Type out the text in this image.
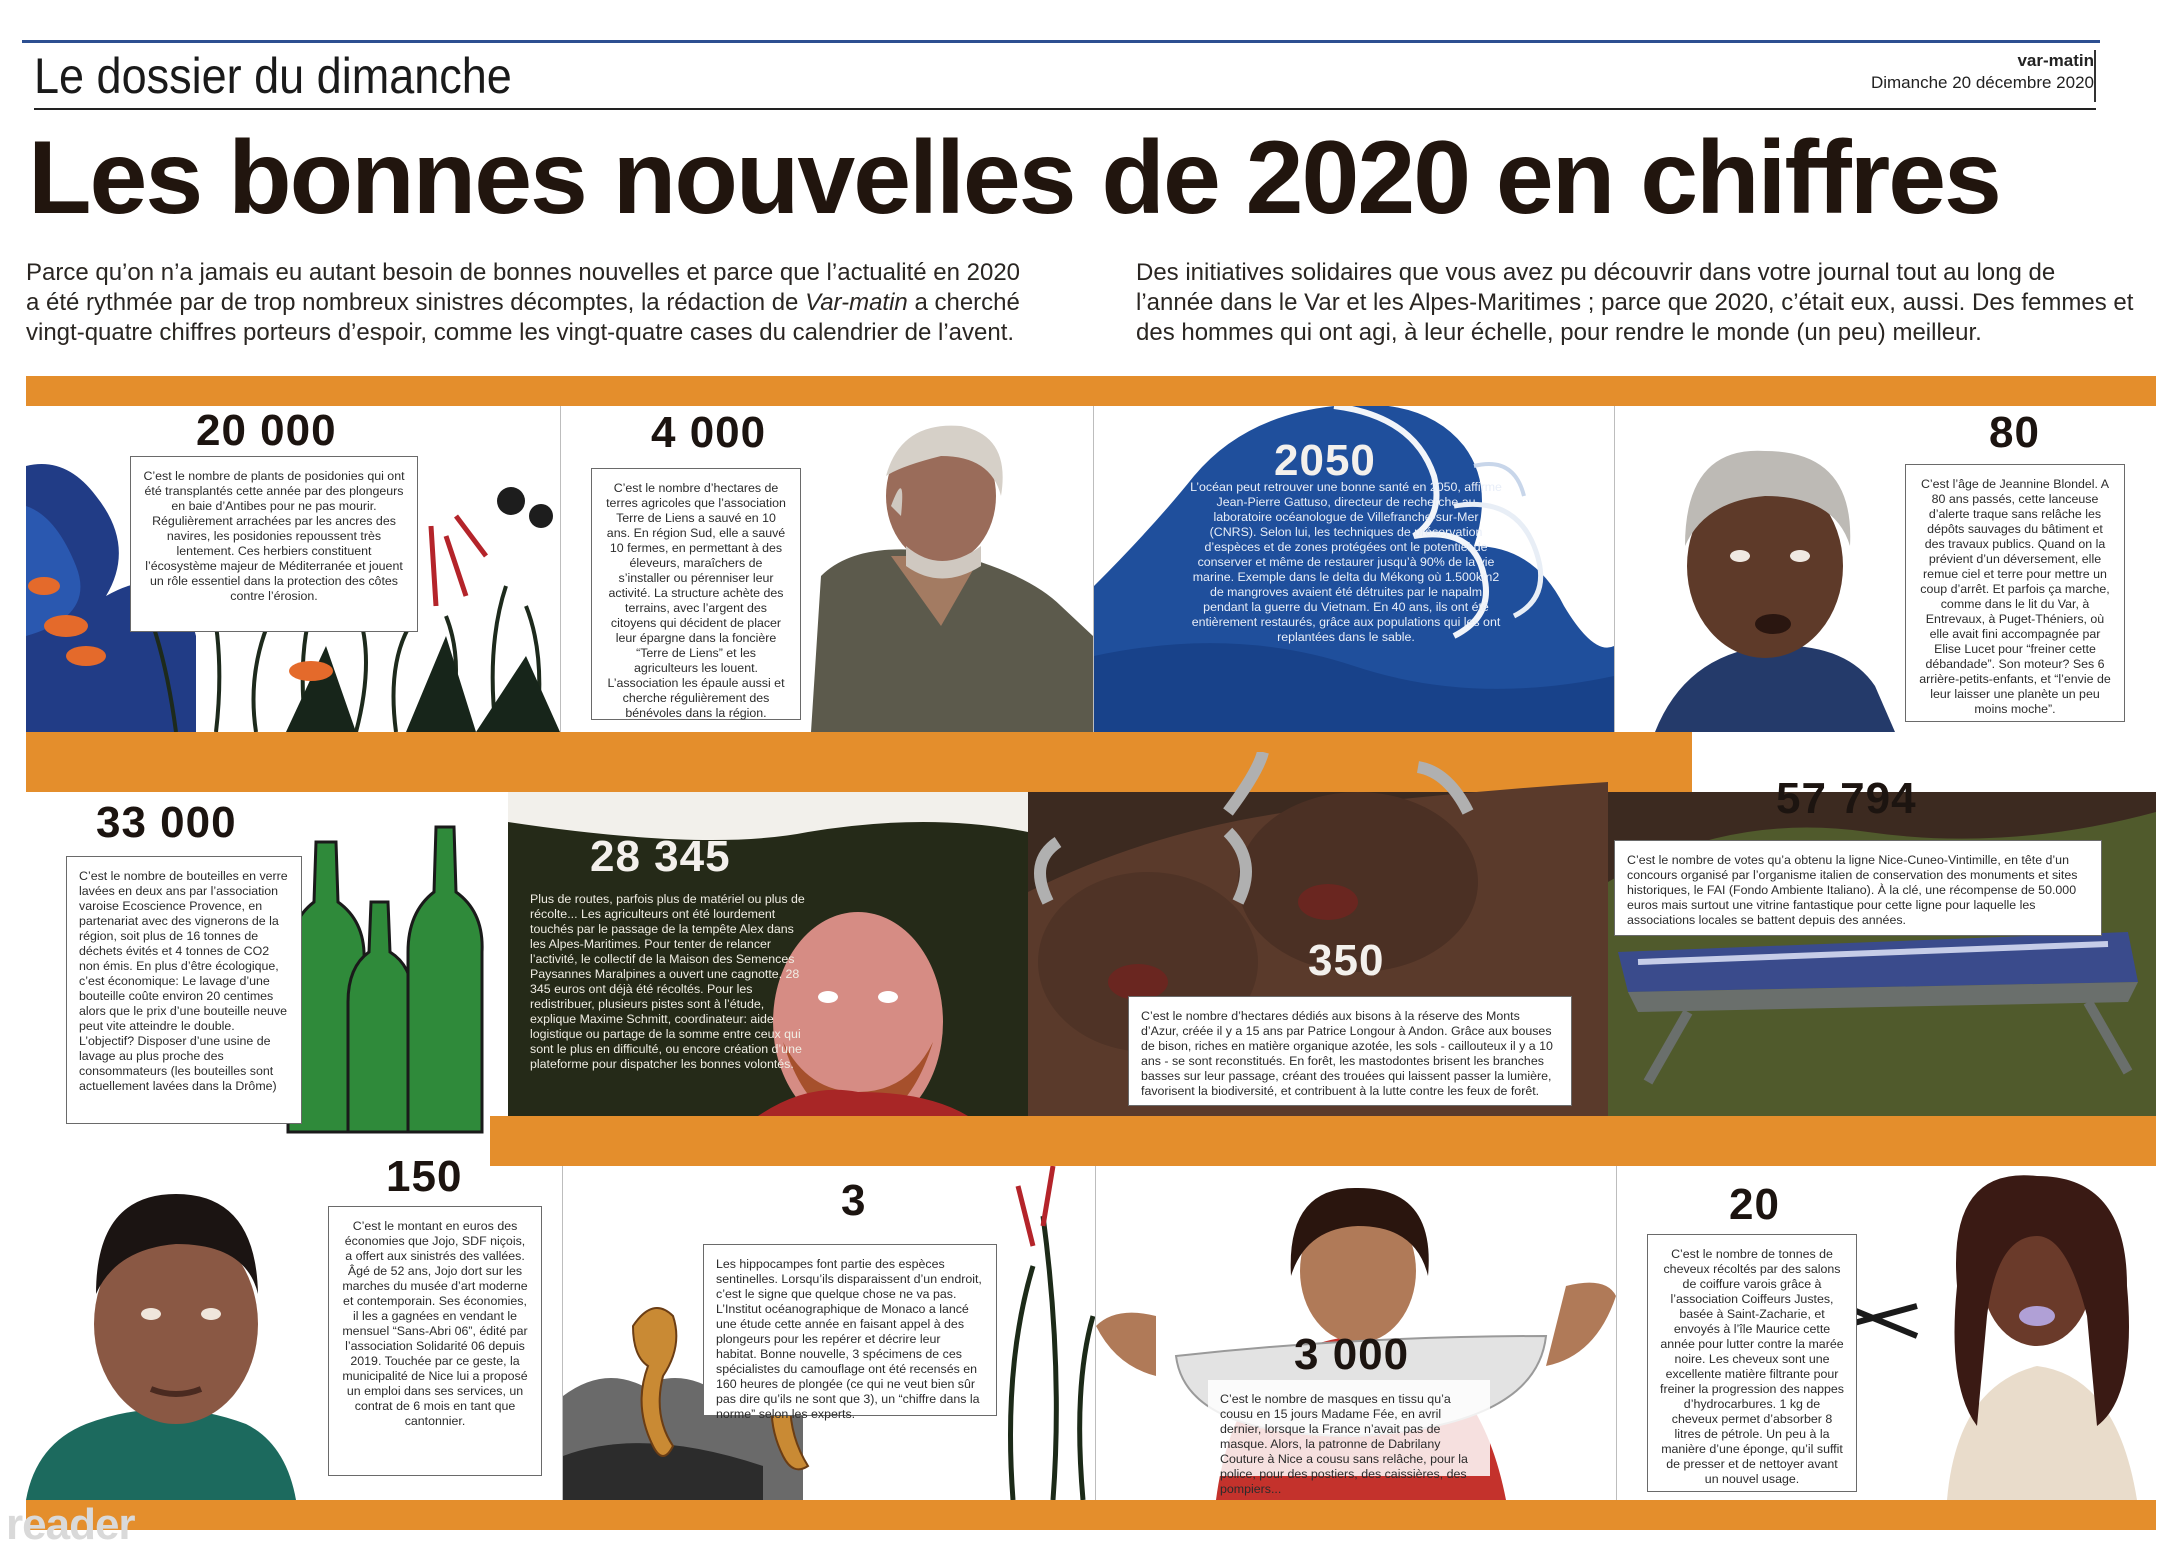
Le dossier du dimanche	var-matin
Dimanche 20 décembre 2020
Les bonnes nouvelles de 2020 en chiffres
Parce qu’on n’a jamais eu autant besoin de bonnes nouvelles et parce que l’actualité en 2020 a été rythmée par de trop nombreux sinistres décomptes, la rédaction de Var-matin a cherché vingt-quatre chiffres porteurs d’espoir, comme les vingt-quatre cases du calendrier de l’avent.
Des initiatives solidaires que vous avez pu découvrir dans votre journal tout au long de l’année dans le Var et les Alpes-Maritimes ; parce que 2020, c’était eux, aussi. Des femmes et des hommes qui ont agi, à leur échelle, pour rendre le monde (un peu) meilleur.
20 000
C’est le nombre de plants de posidonies qui ont été transplantés cette année par des plongeurs en baie d’Antibes pour ne pas mourir. Régulièrement arrachées par les ancres des navires, les posidonies repoussent très lentement. Ces herbiers constituent l’écosystème majeur de Méditerranée et jouent un rôle essentiel dans la protection des côtes contre l’érosion.
4 000
C’est le nombre d’hectares de terres agricoles que l’association Terre de Liens a sauvé en 10 ans. En région Sud, elle a sauvé 10 fermes, en permettant à des éleveurs, maraîchers de s’installer ou pérenniser leur activité. La structure achète des terrains, avec l’argent des citoyens qui décident de placer leur épargne dans la foncière “Terre de Liens” et les agriculteurs les louent. L’association les épaule aussi et cherche régulièrement des bénévoles dans la région.
2050
L’océan peut retrouver une bonne santé en 2050, affirme Jean-Pierre Gattuso, directeur de recherche au laboratoire océanologue de Villefranche-sur-Mer (CNRS). Selon lui, les techniques de préservation d’espèces et de zones protégées ont le potentiel de conserver et même de restaurer jusqu’à 90% de la vie marine. Exemple dans le delta du Mékong où 1.500km2 de mangroves avaient été détruites par le napalm pendant la guerre du Vietnam. En 40 ans, ils ont été entièrement restaurés, grâce aux populations qui les ont replantées dans le sable.
80
C’est l’âge de Jeannine Blondel. A 80 ans passés, cette lanceuse d’alerte traque sans relâche les dépôts sauvages du bâtiment et des travaux publics. Quand on la prévient d’un déversement, elle remue ciel et terre pour mettre un coup d’arrêt. Et parfois ça marche, comme dans le lit du Var, à Entrevaux, à Puget-Théniers, où elle avait fini accompagnée par Elise Lucet pour “freiner cette débandade”. Son moteur? Ses 6 arrière-petits-enfants, et “l’envie de leur laisser une planète un peu moins moche”.
33 000
C’est le nombre de bouteilles en verre lavées en deux ans par l’association varoise Ecoscience Provence, en partenariat avec des vignerons de la région, soit plus de 16 tonnes de déchets évités et 4 tonnes de CO2 non émis. En plus d’être écologique, c’est économique: Le lavage d’une bouteille coûte environ 20 centimes alors que le prix d’une bouteille neuve peut vite atteindre le double. L’objectif? Disposer d’une usine de lavage au plus proche des consommateurs (les bouteilles sont actuellement lavées dans la Drôme)
28 345
Plus de routes, parfois plus de matériel ou plus de récolte... Les agriculteurs ont été lourdement touchés par le passage de la tempête Alex dans les Alpes-Maritimes. Pour tenter de relancer l’activité, le collectif de la Maison des Semences Paysannes Maralpines a ouvert une cagnotte. 28 345 euros ont déjà été récoltés. Pour les redistribuer, plusieurs pistes sont à l’étude, explique Maxime Schmitt, coordinateur: aide logistique ou partage de la somme entre ceux qui sont le plus en difficulté, ou encore création d’une plateforme pour dispatcher les bonnes volontés.
350
C’est le nombre d’hectares dédiés aux bisons à la réserve des Monts d’Azur, créée il y a 15 ans par Patrice Longour à Andon. Grâce aux bouses de bison, riches en matière organique azotée, les sols - caillouteux il y a 10 ans - se sont reconstitués. En forêt, les mastodontes brisent les branches basses sur leur passage, créant des trouées qui laissent passer la lumière, favorisent la biodiversité, et contribuent à la lutte contre les feux de forêt.
57 794
C’est le nombre de votes qu’a obtenu la ligne Nice-Cuneo-Vintimille, en tête d’un concours organisé par l’organisme italien de conservation des monuments et sites historiques, le FAI (Fondo Ambiente Italiano). À la clé, une récompense de 50.000 euros mais surtout une vitrine fantastique pour cette ligne pour laquelle les associations locales se battent depuis des années.
150
C’est le montant en euros des économies que Jojo, SDF niçois, a offert aux sinistrés des vallées. Âgé de 52 ans, Jojo dort sur les marches du musée d’art moderne et contemporain. Ses économies, il les a gagnées en vendant le mensuel “Sans-Abri 06”, édité par l’association Solidarité 06 depuis 2019. Touchée par ce geste, la municipalité de Nice lui a proposé un emploi dans ses services, un contrat de 6 mois en tant que cantonnier.
3
Les hippocampes font partie des espèces sentinelles. Lorsqu’ils disparaissent d’un endroit, c’est le signe que quelque chose ne va pas. L’Institut océanographique de Monaco a lancé une étude cette année en faisant appel à des plongeurs pour les repérer et décrire leur habitat. Bonne nouvelle, 3 spécimens de ces spécialistes du camouflage ont été recensés en 160 heures de plongée (ce qui ne veut bien sûr pas dire qu’ils ne sont que 3), un “chiffre dans la norme” selon les experts.
3 000
C’est le nombre de masques en tissu qu’a cousu en 15 jours Madame Fée, en avril dernier, lorsque la France n’avait pas de masque. Alors, la patronne de Dabrilany Couture à Nice a cousu sans relâche, pour la police, pour des postiers, des caissières, des pompiers...
20
C’est le nombre de tonnes de cheveux récoltés par des salons de coiffure varois grâce à l’association Coiffeurs Justes, basée à Saint-Zacharie, et envoyés à l’île Maurice cette année pour lutter contre la marée noire. Les cheveux sont une excellente matière filtrante pour freiner la progression des nappes d’hydrocarbures. 1 kg de cheveux permet d’absorber 8 litres de pétrole. Un peu à la manière d’une éponge, qu’il suffit de presser et de nettoyer avant un nouvel usage.
reader
